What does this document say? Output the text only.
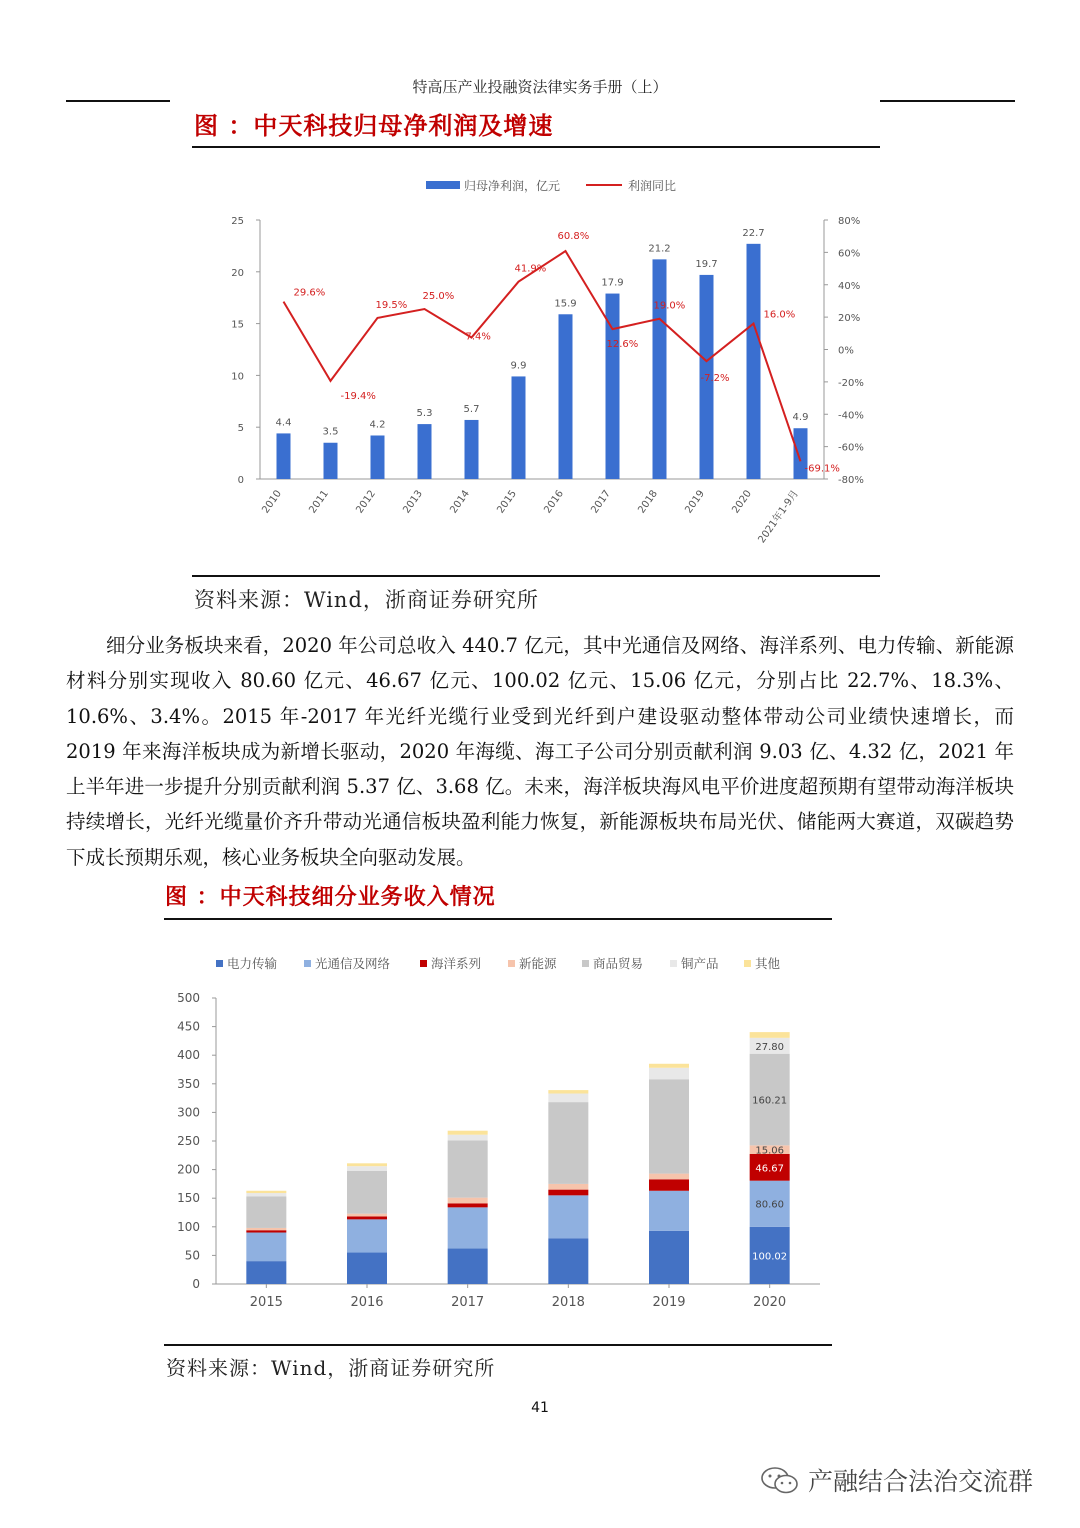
特高压产业投融资法律实务手册（上）
图 ：中天科技归母净利润及增速
归母净利润，亿元	利润同比
0
5
10
15
20
25
-80%
-60%
-40%
-20%
0%
20%
40%
60%
80%
2010 2011 2012 2013 2014 2015 2016 2017 2018 2019 2020 2021年1-9月
4.4
3.5
4.2
5.3	5.7
9.9
15.9
17.9
21.2
19.7
22.7
4.9
29.6%
-19.4%
19.5%
25.0%
7.4%
41.9%
60.8%
12.6%
19.0%
-7.2%
16.0%
-69.1%
资料来源：Wind，浙商证券研究所
细分业务板块来看，2020 年公司总收入 440.7 亿元，其中光通信及网络、海洋系列、电力传输、新能源材料分别实现收入 80.60 亿元、46.67 亿元、100.02 亿元、15.06 亿元，分别占比 22.7%、18.3%、10.6%、3.4%。2015 年-2017 年光纤光缆行业受到光纤到户建设驱动整体带动公司业绩快速增长，而 2019 年来海洋板块成为新增长驱动，2020 年海缆、海工子公司分别贡献利润 9.03 亿、4.32 亿，2021 年上半年进一步提升分别贡献利润 5.37 亿、3.68 亿。未来，海洋板块海风电平价进度超预期有望带动海洋板块持续增长，光纤光缆量价齐升带动光通信板块盈利能力恢复，新能源板块布局光伏、储能两大赛道，双碳趋势下成长预期乐观，核心业务板块全向驱动发展。
图 ：中天科技细分业务收入情况
电力传输	光通信及网络	海洋系列	新能源	商品贸易	铜产品	其他
0
50
100
150
200
250
300
350
400
450
500
2015	2016	2017	2018	2019	2020
100.02
80.60
46.67
15.06
160.21
27.80
资料来源：Wind，浙商证券研究所
41
产融结合法治交流群
